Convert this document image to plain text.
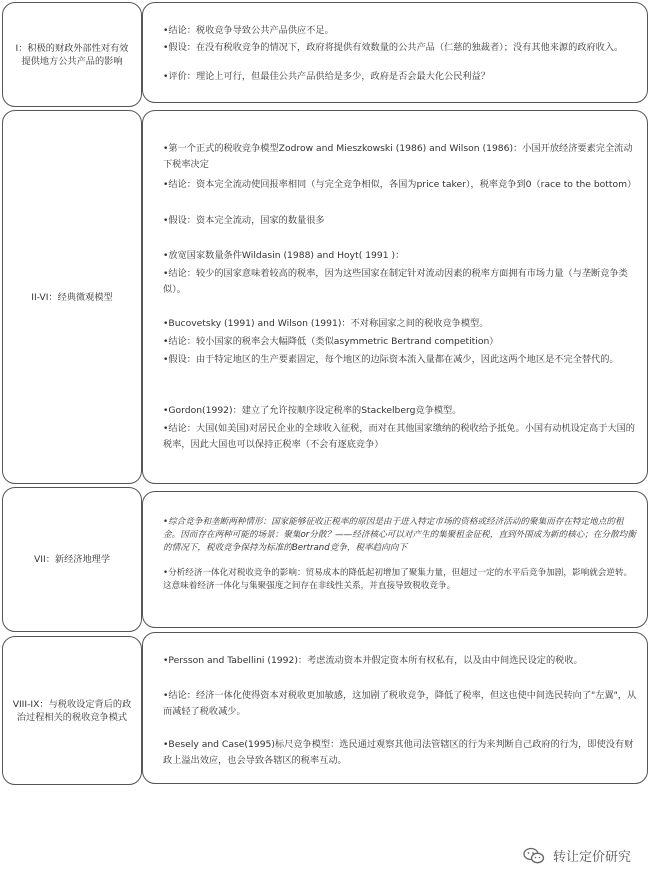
I：积极的财政外部性对有效提供地方公共产品的影响
•结论：税收竞争导致公共产品供应不足。
•假设：在没有税收竞争的情况下，政府将提供有效数量的公共产品（仁慈的独裁者）；没有其他来源的政府收入。
•评价：理论上可行，但最佳公共产品供给是多少，政府是否会最大化公民利益？
II-VI：经典微观模型
•第一个正式的税收竞争模型Zodrow and Mieszkowski (1986) and Wilson (1986)：小国开放经济要素完全流动下税率决定
•结论：资本完全流动使回报率相同（与完全竞争相似，各国为price taker），税率竞争到0（race to the bottom）
•假设：资本完全流动，国家的数量很多
•放宽国家数量条件Wildasin (1988) and Hoyt( 1991 )：
•结论：较少的国家意味着较高的税率，因为这些国家在制定针对流动因素的税率方面拥有市场力量（与垄断竞争类似）。
•Bucovetsky (1991) and Wilson (1991)：不对称国家之间的税收竞争模型。
•结论：较小国家的税率会大幅降低（类似asymmetric Bertrand competition）
•假设：由于特定地区的生产要素固定，每个地区的边际资本流入量都在减少，因此这两个地区是不完全替代的。
•Gordon(1992)：建立了允许按顺序设定税率的Stackelberg竞争模型。
•结论：大国(如美国)对居民企业的全球收入征税，而对在其他国家缴纳的税收给予抵免。小国有动机设定高于大国的税率，因此大国也可以保持正税率（不会有逐底竞争）
VII：新经济地理学
•综合竞争和垄断两种情形：国家能够征收正税率的原因是由于进入特定市场的资格或经济活动的聚集而存在特定地点的租金。因而存在两种可能的场景：聚集or分散？——经济核心可以对产生的集聚租金征税，直到外围成为新的核心；在分散均衡的情况下，税收竞争保持为标准的Bertrand竞争，税率趋向向下
•分析经济一体化对税收竞争的影响：贸易成本的降低起初增加了聚集力量，但超过一定的水平后竞争加剧，影响就会逆转。这意味着经济一体化与集聚强度之间存在非线性关系，并直接导致税收竞争。
VIII-IX：与税收设定背后的政治过程相关的税收竞争模式
•Persson and Tabellini (1992)：考虑流动资本并假定资本所有权私有，以及由中间选民设定的税收。
•结论：经济一体化使得资本对税收更加敏感，这加剧了税收竞争，降低了税率，但这也使中间选民转向了"左翼"，从而减轻了税收减少。
•Besely and Case(1995)标尺竞争模型：选民通过观察其他司法管辖区的行为来判断自己政府的行为，即使没有财政上溢出效应，也会导致各辖区的税率互动。
转让定价研究
